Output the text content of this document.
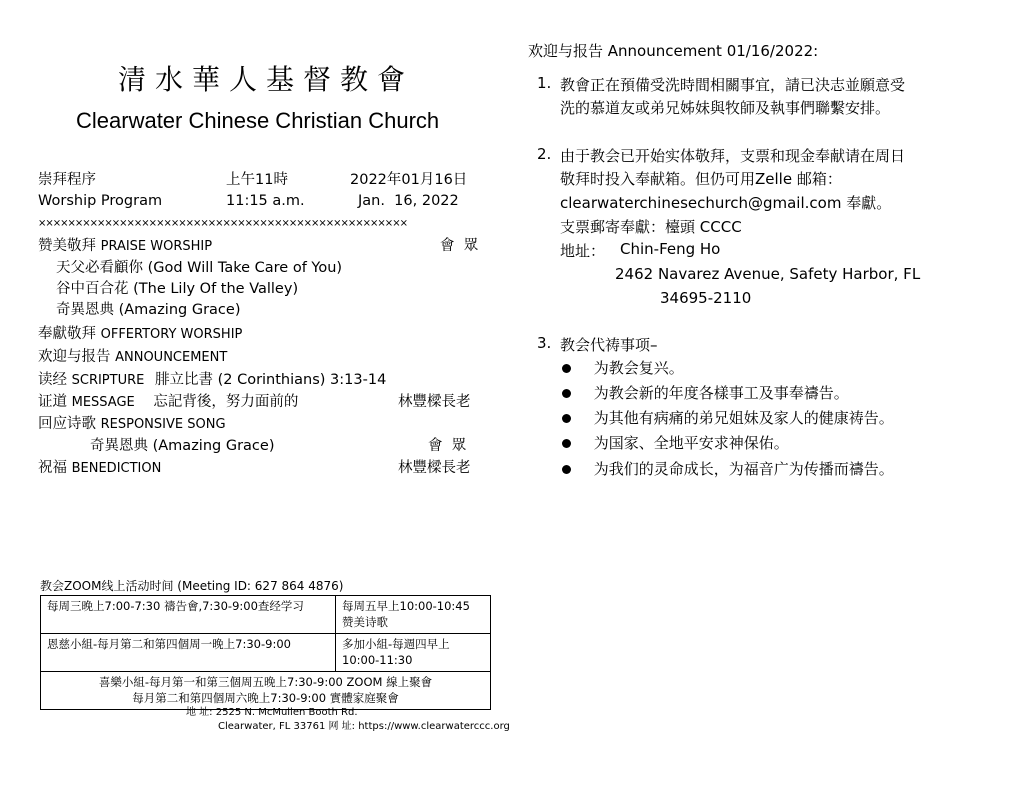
清水華人基督教會
Clearwater Chinese Christian Church
崇拜程序	上午11時	2022年01月16日
Worship Program	11:15 a.m.	Jan.  16, 2022
⨯⨯⨯⨯⨯⨯⨯⨯⨯⨯⨯⨯⨯⨯⨯⨯⨯⨯⨯⨯⨯⨯⨯⨯⨯⨯⨯⨯⨯⨯⨯⨯⨯⨯⨯⨯⨯⨯⨯⨯⨯⨯⨯⨯⨯⨯⨯⨯⨯⨯
赞美敬拜 PRAISE WORSHIP	會  眾
天父必看顧你 (God Will Take Care of You)
谷中百合花 (The Lily Of the Valley)
奇異恩典 (Amazing Grace)
奉獻敬拜 OFFERTORY WORSHIP
欢迎与报告 ANNOUNCEMENT
读经 SCRIPTURE 腓立比書 (2 Corinthians) 3:13-14
证道 MESSAGE 忘記背後，努力面前的	林豐樑長老
回应诗歌 RESPONSIVE SONG
奇異恩典 (Amazing Grace)	會  眾
祝福 BENEDICTION	林豐樑長老
教会ZOOM线上活动时间 (Meeting ID: 627 864 4876)
每周三晚上7:00-7:30 禱告會,7:30-9:00查经学习	每周五早上10:00-10:45
赞美诗歌

恩慈小組-每月第二和第四個周一晚上7:30-9:00	多加小組-每週四早上
10:00-11:30

喜樂小組-每月第一和第三個周五晚上7:30-9:00 ZOOM 線上聚會
每月第二和第四個周六晚上7:30-9:00 實體家庭聚會	
地 址: 2525 N. McMullen Booth Rd.
Clearwater, FL 33761 网 址: https://www.clearwaterccc.org
欢迎与报告 Announcement 01/16/2022:
1. 教會正在預備受洗時間相關事宜，請已決志並願意受
洗的慕道友或弟兄姊妹與牧師及執事們聯繫安排。
2. 由于教会已开始实体敬拜，支票和现金奉献请在周日
敬拜时投入奉献箱。但仍可用Zelle 邮箱：
clearwaterchinesechurch@gmail.com 奉獻。
支票郵寄奉獻：檯頭 CCCC
地址： Chin-Feng Ho
2462 Navarez Avenue, Safety Harbor, FL
34695-2110
3. 教会代祷事项–
为教会复兴。
为教会新的年度各樣事工及事奉禱告。
为其他有病痛的弟兄姐妹及家人的健康祷告。
为国家、全地平安求神保佑。
为我们的灵命成长，为福音广为传播而禱告。
